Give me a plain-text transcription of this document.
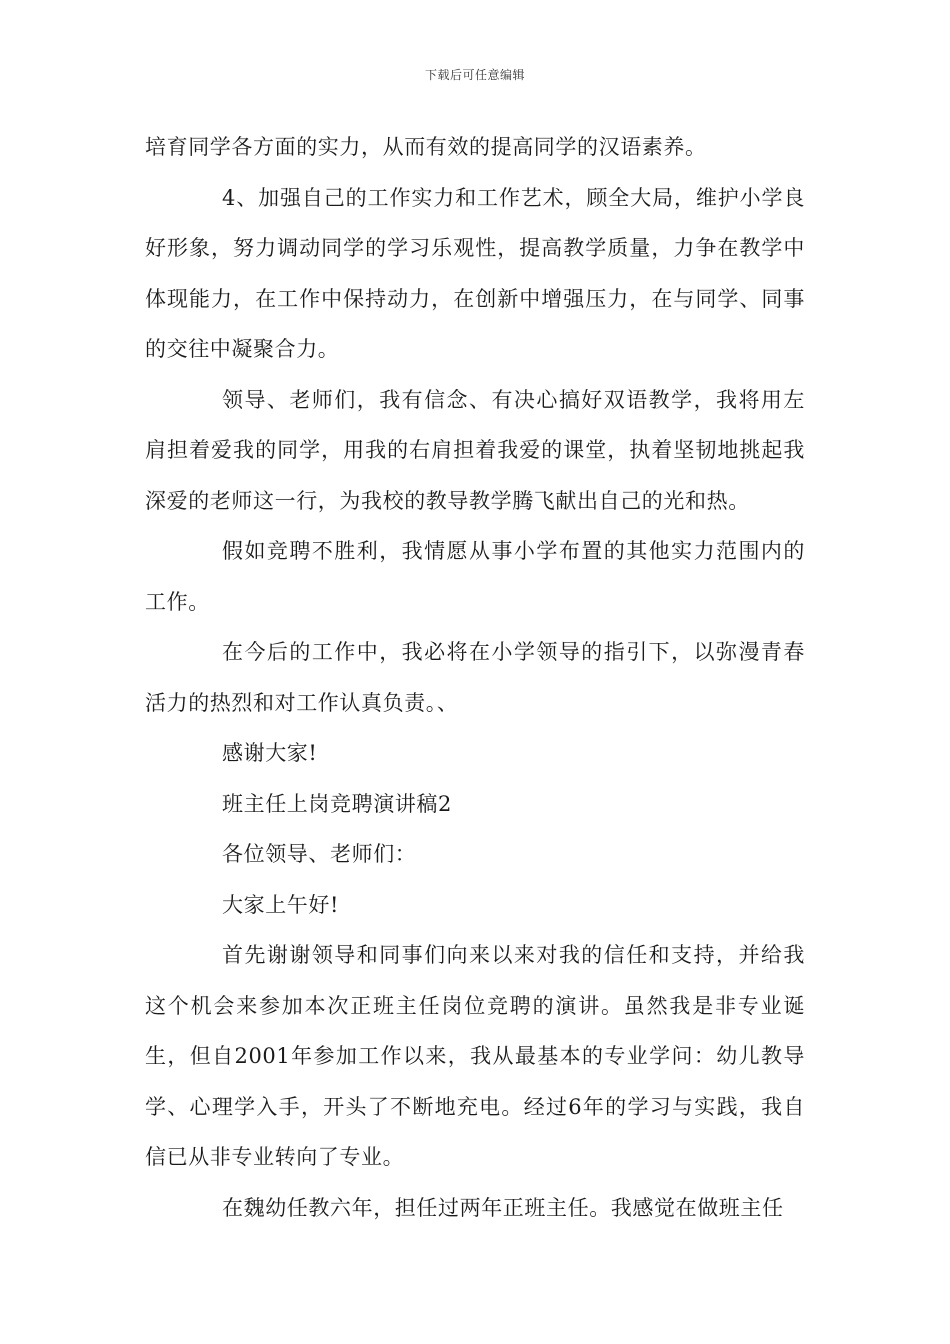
下载后可任意编辑

培育同学各方面的实力，从而有效的提高同学的汉语素养。

4、加强自己的工作实力和工作艺术，顾全大局，维护小学良好形象，努力调动同学的学习乐观性，提高教学质量，力争在教学中体现能力，在工作中保持动力，在创新中增强压力，在与同学、同事的交往中凝聚合力。

领导、老师们，我有信念、有决心搞好双语教学，我将用左肩担着爱我的同学，用我的右肩担着我爱的课堂，执着坚韧地挑起我深爱的老师这一行，为我校的教导教学腾飞献出自己的光和热。

假如竞聘不胜利，我情愿从事小学布置的其他实力范围内的工作。

在今后的工作中，我必将在小学领导的指引下，以弥漫青春活力的热烈和对工作认真负责。、

感谢大家!

班主任上岗竞聘演讲稿2

各位领导、老师们：

大家上午好!

首先谢谢领导和同事们向来以来对我的信任和支持，并给我这个机会来参加本次正班主任岗位竞聘的演讲。虽然我是非专业诞生，但自2001年参加工作以来，我从最基本的专业学问：幼儿教导学、心理学入手，开头了不断地充电。经过6年的学习与实践，我自信已从非专业转向了专业。

在魏幼任教六年，担任过两年正班主任。我感觉在做班主任
